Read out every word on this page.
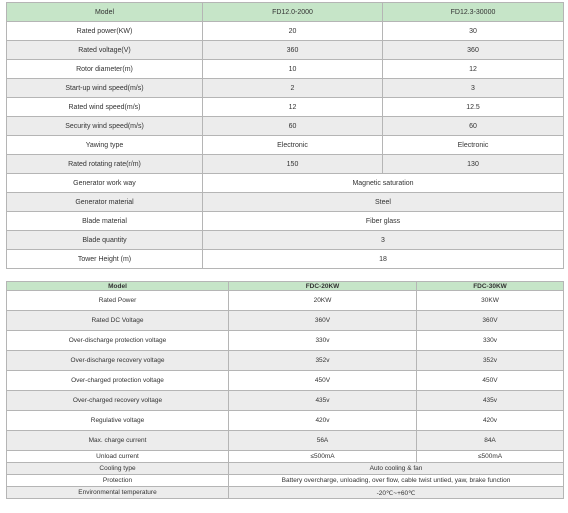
Model	FD12.0-2000	FD12.3-30000
Rated power(KW)	20	30
Rated voltage(V)	360	360
Rotor diameter(m)	10	12
Start-up wind speed(m/s)	2	3
Rated wind speed(m/s)	12	12.5
Security wind speed(m/s)	60	60
Yawing type	Electronic	Electronic
Rated rotating rate(r/m)	150	130
Generator work way	Magnetic saturation	
Generator material	Steel	
Blade material	Fiber glass	
Blade quantity	3	
Tower Height (m)	18	
Model	FDC-20KW	FDC-30KW
Rated Power	20KW	30KW
Rated DC Voltage	360V	360V
Over-discharge protection voltage	330v	330v
Over-discharge recovery voltage	352v	352v
Over-charged protection voltage	450V	450V
Over-charged recovery voltage	435v	435v
Regulative voltage	420v	420v
Max. charge current	56A	84A
Unload current	≤500mA	≤500mA
Cooling type	Auto cooling & fan	
Protection	Battery overcharge, unloading, over flow, cable twist untied, yaw, brake function	
Environmental temperature	-20℃~+60℃	
